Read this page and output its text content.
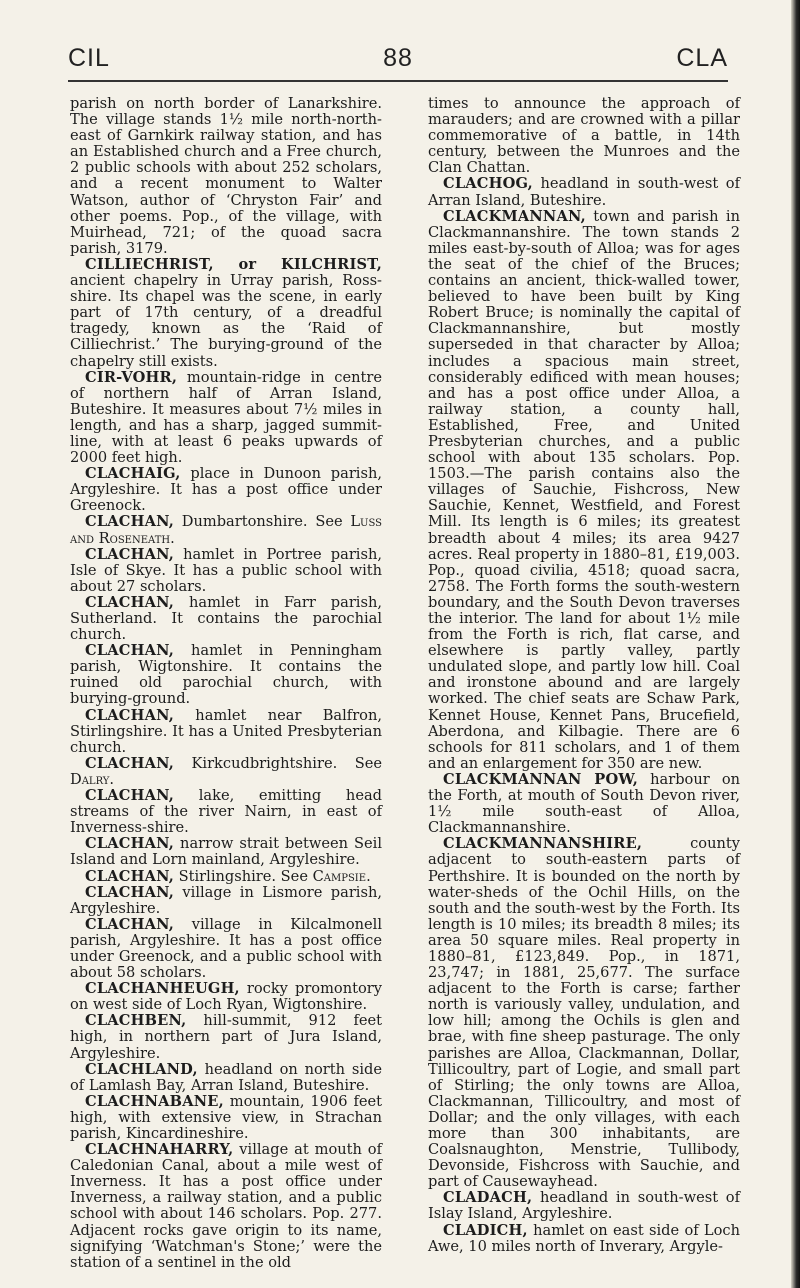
CIL	88	CLA

parish on north border of Lanarkshire. The village stands 1½ mile north-north-east of Garnkirk railway station, and has an Established church and a Free church, 2 public schools with about 252 scholars, and a recent monument to Walter Watson, author of ‘Chryston Fair’ and other poems. Pop., of the village, with Muirhead, 721; of the quoad sacra parish, 3179.

CILLIECHRIST, or KILCHRIST, ancient chapelry in Urray parish, Ross-shire. Its chapel was the scene, in early part of 17th century, of a dreadful tragedy, known as the ‘Raid of Cilliechrist.’ The burying-ground of the chapelry still exists.

CIR-VOHR, mountain-ridge in centre of northern half of Arran Island, Buteshire. It measures about 7½ miles in length, and has a sharp, jagged summit-line, with at least 6 peaks upwards of 2000 feet high.

CLACHAIG, place in Dunoon parish, Argyleshire. It has a post office under Greenock.

CLACHAN, Dumbartonshire. See Luss and Roseneath.

CLACHAN, hamlet in Portree parish, Isle of Skye. It has a public school with about 27 scholars.

CLACHAN, hamlet in Farr parish, Sutherland. It contains the parochial church.

CLACHAN, hamlet in Penningham parish, Wigtonshire. It contains the ruined old parochial church, with burying-ground.

CLACHAN, hamlet near Balfron, Stirlingshire. It has a United Presbyterian church.

CLACHAN, Kirkcudbrightshire. See Dalry.

CLACHAN, lake, emitting head streams of the river Nairn, in east of Inverness-shire.

CLACHAN, narrow strait between Seil Island and Lorn mainland, Argyleshire.

CLACHAN, Stirlingshire. See Campsie.

CLACHAN, village in Lismore parish, Argyleshire.

CLACHAN, village in Kilcalmonell parish, Argyleshire. It has a post office under Greenock, and a public school with about 58 scholars.

CLACHANHEUGH, rocky promontory on west side of Loch Ryan, Wigtonshire.

CLACHBEN, hill-summit, 912 feet high, in northern part of Jura Island, Argyleshire.

CLACHLAND, headland on north side of Lamlash Bay, Arran Island, Buteshire.

CLACHNABANE, mountain, 1906 feet high, with extensive view, in Strachan parish, Kincardineshire.

CLACHNAHARRY, village at mouth of Caledonian Canal, about a mile west of Inverness. It has a post office under Inverness, a railway station, and a public school with about 146 scholars. Pop. 277. Adjacent rocks gave origin to its name, signifying ‘Watchman's Stone;’ were the station of a sentinel in the old

times to announce the approach of marauders; and are crowned with a pillar commemorative of a battle, in 14th century, between the Munroes and the Clan Chattan.

CLACHOG, headland in south-west of Arran Island, Buteshire.

CLACKMANNAN, town and parish in Clackmannanshire. The town stands 2 miles east-by-south of Alloa; was for ages the seat of the chief of the Bruces; contains an ancient, thick-walled tower, believed to have been built by King Robert Bruce; is nominally the capital of Clackmannanshire, but mostly superseded in that character by Alloa; includes a spacious main street, considerably edificed with mean houses; and has a post office under Alloa, a railway station, a county hall, Established, Free, and United Presbyterian churches, and a public school with about 135 scholars. Pop. 1503.—The parish contains also the villages of Sauchie, Fishcross, New Sauchie, Kennet, Westfield, and Forest Mill. Its length is 6 miles; its greatest breadth about 4 miles; its area 9427 acres. Real property in 1880–81, £19,003. Pop., quoad civilia, 4518; quoad sacra, 2758. The Forth forms the south-western boundary, and the South Devon traverses the interior. The land for about 1½ mile from the Forth is rich, flat carse, and elsewhere is partly valley, partly undulated slope, and partly low hill. Coal and ironstone abound and are largely worked. The chief seats are Schaw Park, Kennet House, Kennet Pans, Brucefield, Aberdona, and Kilbagie. There are 6 schools for 811 scholars, and 1 of them and an enlargement for 350 are new.

CLACKMANNAN POW, harbour on the Forth, at mouth of South Devon river, 1½ mile south-east of Alloa, Clackmannanshire.

CLACKMANNANSHIRE, county adjacent to south-eastern parts of Perthshire. It is bounded on the north by water-sheds of the Ochil Hills, on the south and the south-west by the Forth. Its length is 10 miles; its breadth 8 miles; its area 50 square miles. Real property in 1880–81, £123,849. Pop., in 1871, 23,747; in 1881, 25,677. The surface adjacent to the Forth is carse; farther north is variously valley, undulation, and low hill; among the Ochils is glen and brae, with fine sheep pasturage. The only parishes are Alloa, Clackmannan, Dollar, Tillicoultry, part of Logie, and small part of Stirling; the only towns are Alloa, Clackmannan, Tillicoultry, and most of Dollar; and the only villages, with each more than 300 inhabitants, are Coalsnaughton, Menstrie, Tullibody, Devonside, Fishcross with Sauchie, and part of Causewayhead.

CLADACH, headland in south-west of Islay Island, Argyleshire.

CLADICH, hamlet on east side of Loch Awe, 10 miles north of Inverary, Argyle-
